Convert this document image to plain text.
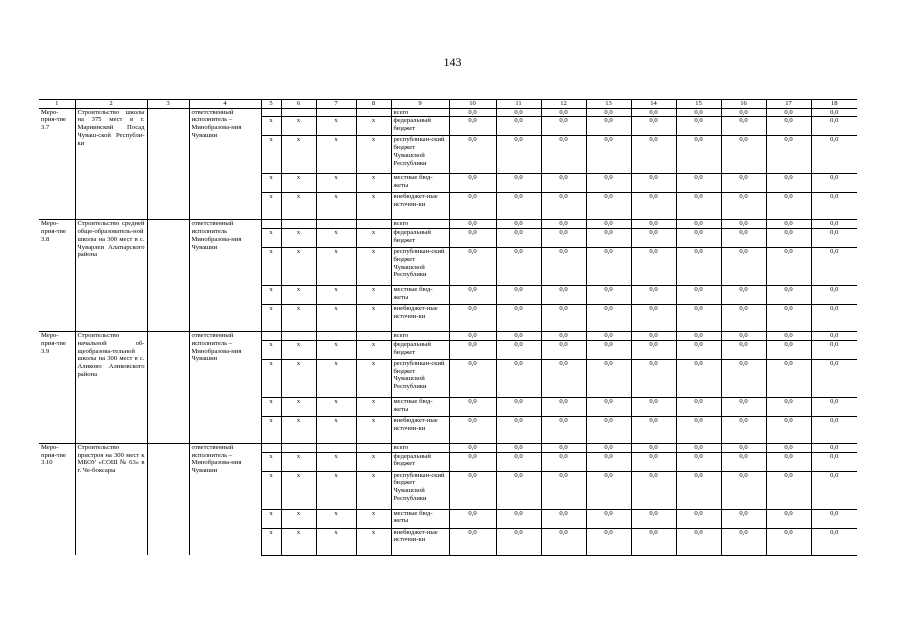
143
1	2	3	4	5	6	7	8	9	10	11	12	13	14	15	16	17	18
Меро-прия-тие 3.7	Строительство школы на 375 мест в г. Мариинский Посад Чуваш-ской Республи-ки		ответственный исполнитель – Минобразова-ния Чувашии					всего	0,0	0,0	0,0	0,0	0,0	0,0	0,0	0,0	0,0
				x	x	x	x	федеральный бюджет	0,0	0,0	0,0	0,0	0,0	0,0	0,0	0,0	0,0
				x	x	x	x	республикан-ский бюджет Чувашской Республики	0,0	0,0	0,0	0,0	0,0	0,0	0,0	0,0	0,0
				x	x	x	x	местные бюд-жеты	0,0	0,0	0,0	0,0	0,0	0,0	0,0	0,0	0,0
				x	x	x	x	внебюджет-ные источни-ки	0,0	0,0	0,0	0,0	0,0	0,0	0,0	0,0	0,0
Меро-прия-тие 3.8	Строительство средней обще-образователь-ной школы на 300 мест в с. Чуварлеи Алатырского района		ответственный исполнитель Минобразова-ния Чувашии					всего	0,0	0,0	0,0	0,0	0,0	0,0	0,0	0,0	0,0
				x	x	x	x	федеральный бюджет	0,0	0,0	0,0	0,0	0,0	0,0	0,0	0,0	0,0
				x	x	x	x	республикан-ский бюджет Чувашской Республики	0,0	0,0	0,0	0,0	0,0	0,0	0,0	0,0	0,0
				x	x	x	x	местные бюд-жеты	0,0	0,0	0,0	0,0	0,0	0,0	0,0	0,0	0,0
				x	x	x	x	внебюджет-ные источни-ки	0,0	0,0	0,0	0,0	0,0	0,0	0,0	0,0	0,0
Меро-прия-тие 3.9	Строительство начальной об-щеобразова-тельной школы на 300 мест в с. Аликово Аликовского района		ответственный исполнитель – Минобразова-ния Чувашии					всего	0,0	0,0	0,0	0,0	0,0	0,0	0,0	0,0	0,0
				x	x	x	x	федеральный бюджет	0,0	0,0	0,0	0,0	0,0	0,0	0,0	0,0	0,0
				x	x	x	x	республикан-ский бюджет Чувашской Республики	0,0	0,0	0,0	0,0	0,0	0,0	0,0	0,0	0,0
				x	x	x	x	местные бюд-жеты	0,0	0,0	0,0	0,0	0,0	0,0	0,0	0,0	0,0
				x	x	x	x	внебюджет-ные источни-ки	0,0	0,0	0,0	0,0	0,0	0,0	0,0	0,0	0,0
Меро-прия-тие 3.10	Строительство пристроя на 300 мест к МБОУ «СОШ № 63» в г. Че-боксары		ответственный исполнитель – Минобразова-ния Чувашии					всего	0,0	0,0	0,0	0,0	0,0	0,0	0,0	0,0	0,0
				x	x	x	x	федеральный бюджет	0,0	0,0	0,0	0,0	0,0	0,0	0,0	0,0	0,0
				x	x	x	x	республикан-ский бюджет Чувашской Республики	0,0	0,0	0,0	0,0	0,0	0,0	0,0	0,0	0,0
				x	x	x	x	местные бюд-жеты	0,0	0,0	0,0	0,0	0,0	0,0	0,0	0,0	0,0
				x	x	x	x	внебюджет-ные источни-ки	0,0	0,0	0,0	0,0	0,0	0,0	0,0	0,0	0,0
